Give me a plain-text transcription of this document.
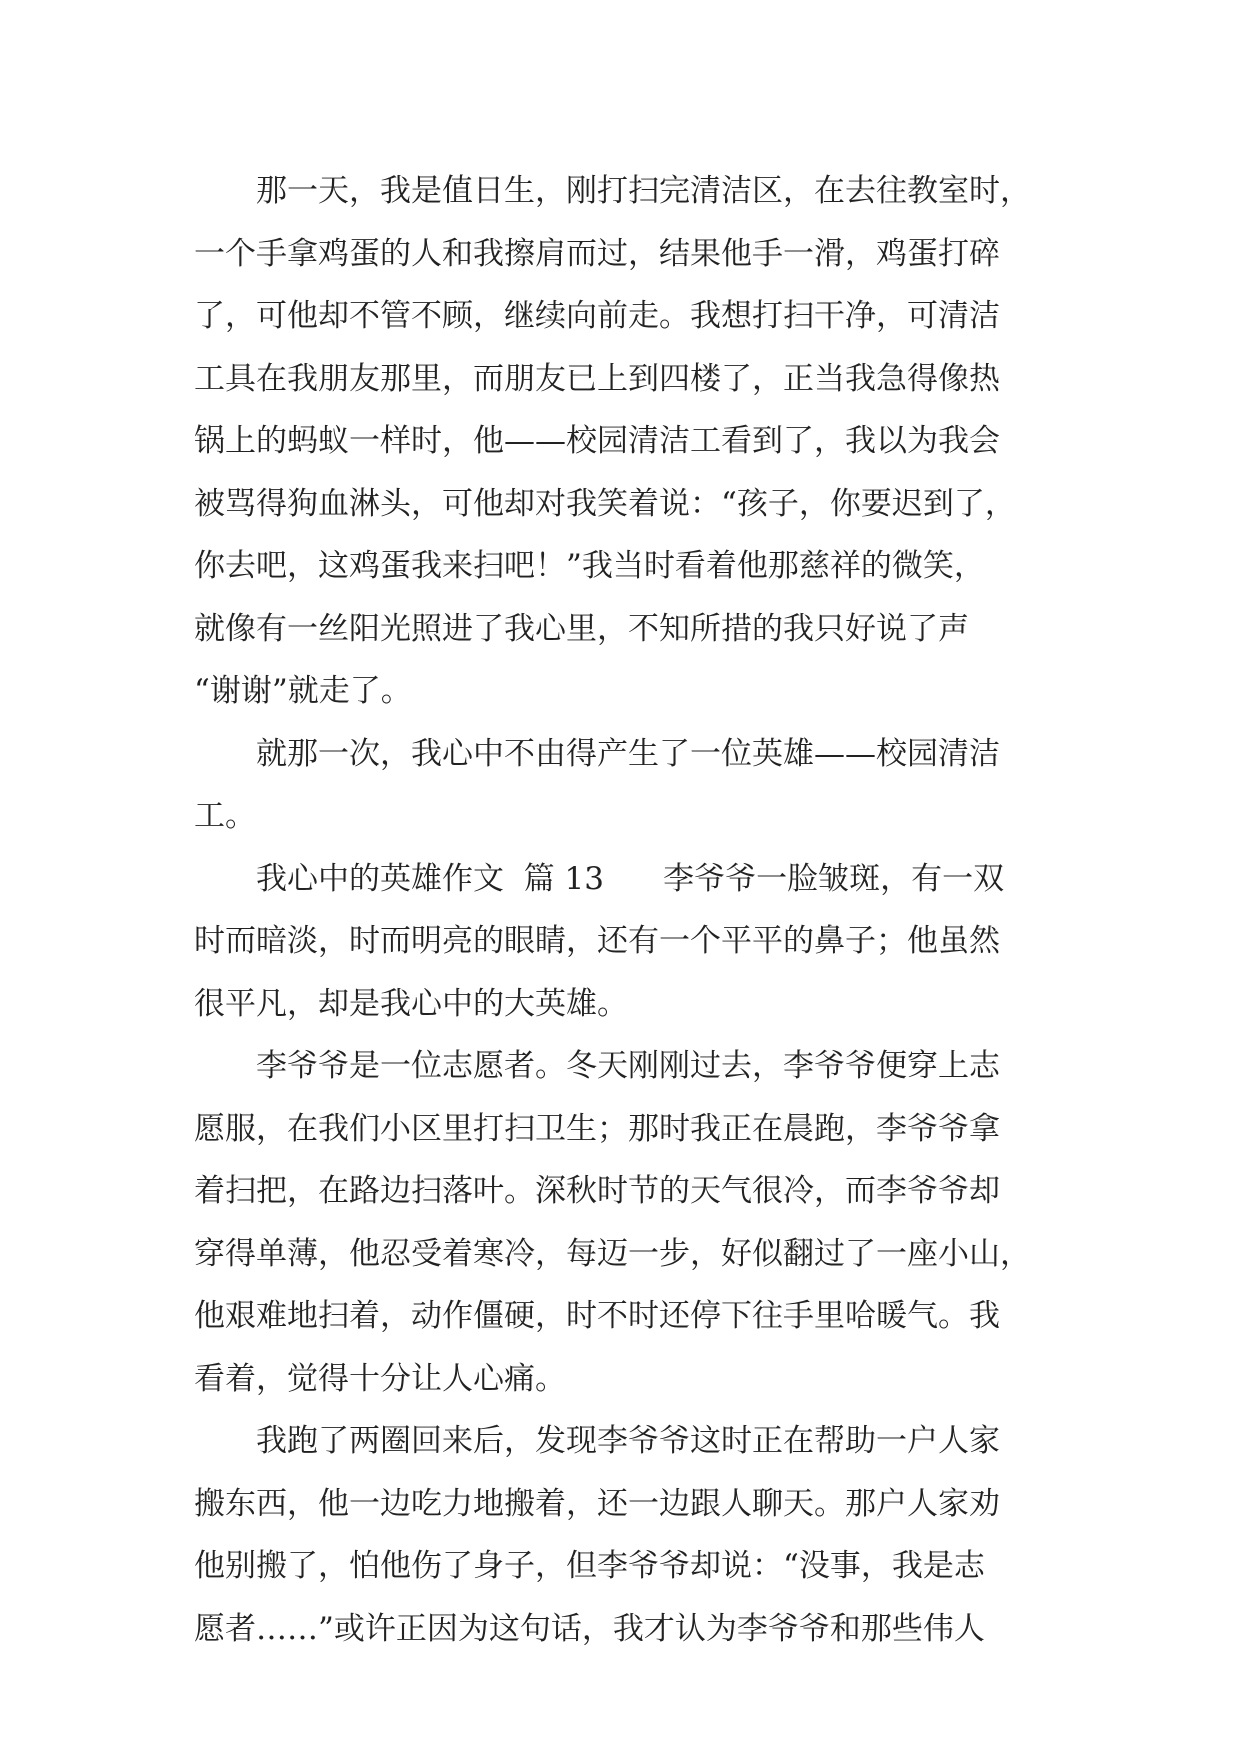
那一天，我是值日生，刚打扫完清洁区，在去往教室时，
一个手拿鸡蛋的人和我擦肩而过，结果他手一滑，鸡蛋打碎
了，可他却不管不顾，继续向前走。我想打扫干净，可清洁
工具在我朋友那里，而朋友已上到四楼了，正当我急得像热
锅上的蚂蚁一样时，他——校园清洁工看到了，我以为我会
被骂得狗血淋头，可他却对我笑着说：“孩子，你要迟到了，
你去吧，这鸡蛋我来扫吧！”我当时看着他那慈祥的微笑，
就像有一丝阳光照进了我心里，不知所措的我只好说了声
“谢谢”就走了。
就那一次，我心中不由得产生了一位英雄——校园清洁
工。
我心中的英雄作文  篇 13      李爷爷一脸皱斑，有一双
时而暗淡，时而明亮的眼睛，还有一个平平的鼻子；他虽然
很平凡，却是我心中的大英雄。
李爷爷是一位志愿者。冬天刚刚过去，李爷爷便穿上志
愿服，在我们小区里打扫卫生；那时我正在晨跑，李爷爷拿
着扫把，在路边扫落叶。深秋时节的天气很冷，而李爷爷却
穿得单薄，他忍受着寒冷，每迈一步，好似翻过了一座小山，
他艰难地扫着，动作僵硬，时不时还停下往手里哈暖气。我
看着，觉得十分让人心痛。
我跑了两圈回来后，发现李爷爷这时正在帮助一户人家
搬东西，他一边吃力地搬着，还一边跟人聊天。那户人家劝
他别搬了，怕他伤了身子，但李爷爷却说：“没事，我是志
愿者……”或许正因为这句话，我才认为李爷爷和那些伟人
